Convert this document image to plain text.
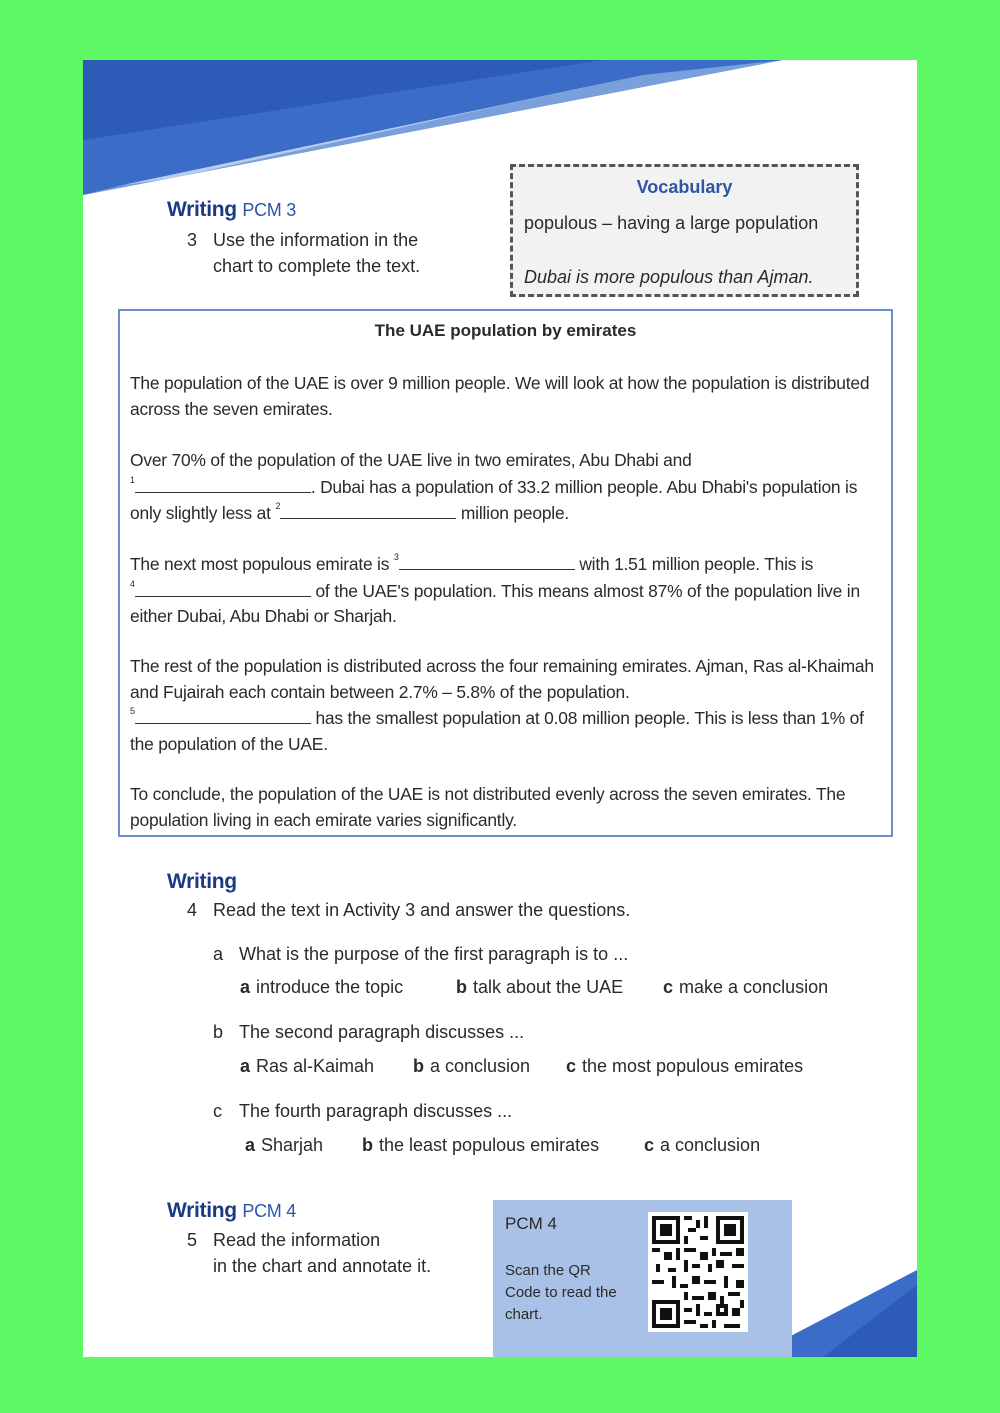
Writing PCM 3
3 Use the information in the
chart to complete the text.
Vocabulary
populous – having a large population
Dubai is more populous than Ajman.
The UAE population by emirates
The population of the UAE is over 9 million people. We will look at how the population is distributed across the seven emirates.
Over 70% of the population of the UAE live in two emirates, Abu Dhabi and
$^1$	. Dubai has a population of 33.2 million people. Abu Dhabi's population is only slightly less at $^2$	million people.
The next most populous emirate is $^3$	with 1.51 million people. This is
$^4$	of the UAE's population. This means almost 87% of the population live in either Dubai, Abu Dhabi or Sharjah.
The rest of the population is distributed across the four remaining emirates. Ajman, Ras al-Khaimah and Fujairah each contain between 2.7% – 5.8% of the population.
$^5$	has the smallest population at 0.08 million people. This is less than 1% of the population of the UAE.
To conclude, the population of the UAE is not distributed evenly across the seven emirates. The population living in each emirate varies significantly.
Writing
4 Read the text in Activity 3 and answer the questions.
a What is the purpose of the first paragraph is to ...
a introduce the topic	b talk about the UAE c make a conclusion
b The second paragraph discusses ...
a Ras al-Kaimah b a conclusion c the most populous emirates
c The fourth paragraph discusses ...
a Sharjah b the least populous emirates c a conclusion
Writing PCM 4
5 Read the information
in the chart and annotate it.
PCM 4
Scan the QR Code to read the chart.
